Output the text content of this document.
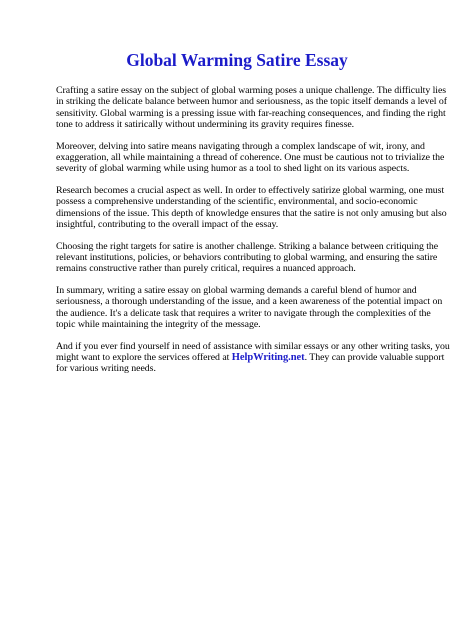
Global Warming Satire Essay

Crafting a satire essay on the subject of global warming poses a unique challenge. The difficulty lies
in striking the delicate balance between humor and seriousness, as the topic itself demands a level of
sensitivity. Global warming is a pressing issue with far-reaching consequences, and finding the right
tone to address it satirically without undermining its gravity requires finesse.

Moreover, delving into satire means navigating through a complex landscape of wit, irony, and
exaggeration, all while maintaining a thread of coherence. One must be cautious not to trivialize the
severity of global warming while using humor as a tool to shed light on its various aspects.

Research becomes a crucial aspect as well. In order to effectively satirize global warming, one must
possess a comprehensive understanding of the scientific, environmental, and socio-economic
dimensions of the issue. This depth of knowledge ensures that the satire is not only amusing but also
insightful, contributing to the overall impact of the essay.

Choosing the right targets for satire is another challenge. Striking a balance between critiquing the
relevant institutions, policies, or behaviors contributing to global warming, and ensuring the satire
remains constructive rather than purely critical, requires a nuanced approach.

In summary, writing a satire essay on global warming demands a careful blend of humor and
seriousness, a thorough understanding of the issue, and a keen awareness of the potential impact on
the audience. It's a delicate task that requires a writer to navigate through the complexities of the
topic while maintaining the integrity of the message.

And if you ever find yourself in need of assistance with similar essays or any other writing tasks, you
might want to explore the services offered at HelpWriting.net. They can provide valuable support
for various writing needs.
